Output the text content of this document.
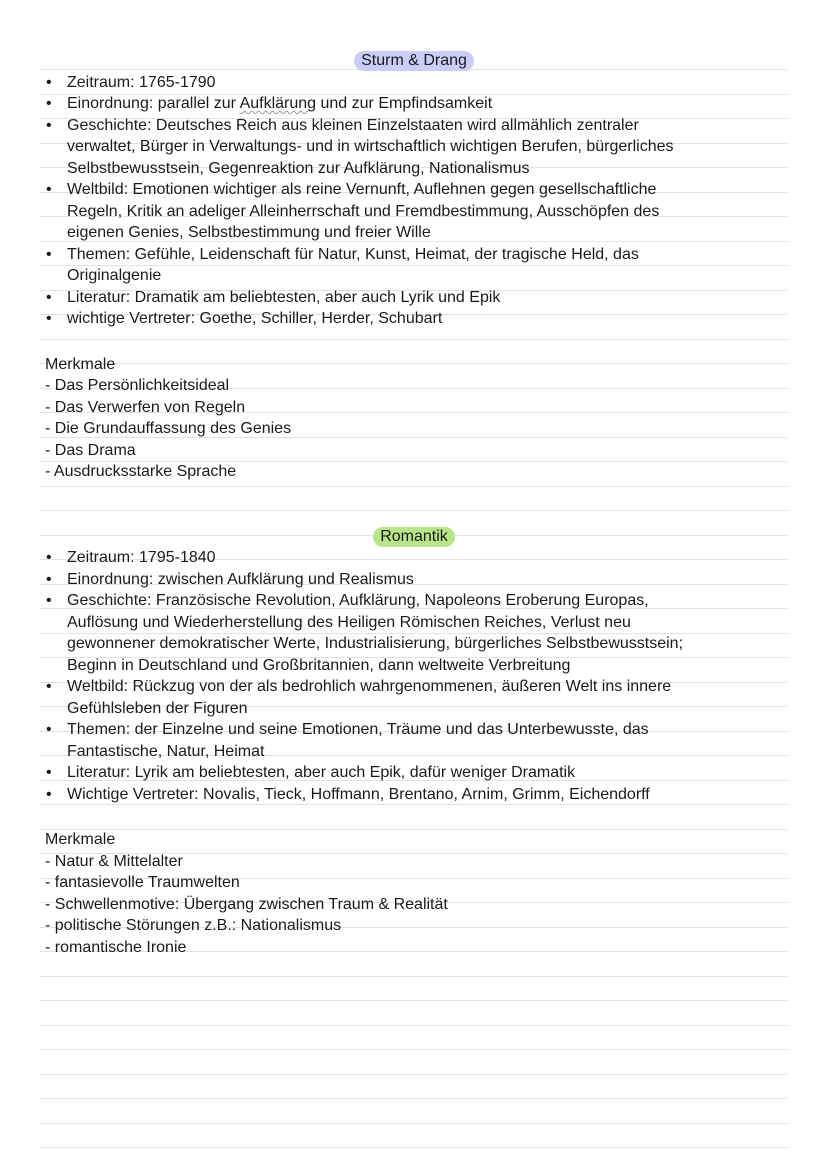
Sturm & Drang
• Zeitraum: 1765-1790
• Einordnung: parallel zur Aufklärung und zur Empfindsamkeit
• Geschichte: Deutsches Reich aus kleinen Einzelstaaten wird allmählich zentraler
verwaltet, Bürger in Verwaltungs- und in wirtschaftlich wichtigen Berufen, bürgerliches
Selbstbewusstsein, Gegenreaktion zur Aufklärung, Nationalismus
• Weltbild: Emotionen wichtiger als reine Vernunft, Auflehnen gegen gesellschaftliche
Regeln, Kritik an adeliger Alleinherrschaft und Fremdbestimmung, Ausschöpfen des
eigenen Genies, Selbstbestimmung und freier Wille
• Themen: Gefühle, Leidenschaft für Natur, Kunst, Heimat, der tragische Held, das
Originalgenie
• Literatur: Dramatik am beliebtesten, aber auch Lyrik und Epik
• wichtige Vertreter: Goethe, Schiller, Herder, Schubart
Merkmale
- Das Persönlichkeitsideal
- Das Verwerfen von Regeln
- Die Grundauffassung des Genies
- Das Drama
- Ausdrucksstarke Sprache
Romantik
• Zeitraum: 1795-1840
• Einordnung: zwischen Aufklärung und Realismus
• Geschichte: Französische Revolution, Aufklärung, Napoleons Eroberung Europas,
Auflösung und Wiederherstellung des Heiligen Römischen Reiches, Verlust neu
gewonnener demokratischer Werte, Industrialisierung, bürgerliches Selbstbewusstsein;
Beginn in Deutschland und Großbritannien, dann weltweite Verbreitung
• Weltbild: Rückzug von der als bedrohlich wahrgenommenen, äußeren Welt ins innere
Gefühlsleben der Figuren
• Themen: der Einzelne und seine Emotionen, Träume und das Unterbewusste, das
Fantastische, Natur, Heimat
• Literatur: Lyrik am beliebtesten, aber auch Epik, dafür weniger Dramatik
• Wichtige Vertreter: Novalis, Tieck, Hoffmann, Brentano, Arnim, Grimm, Eichendorff
Merkmale
- Natur & Mittelalter
- fantasievolle Traumwelten
- Schwellenmotive: Übergang zwischen Traum & Realität
- politische Störungen z.B.: Nationalismus
- romantische Ironie
